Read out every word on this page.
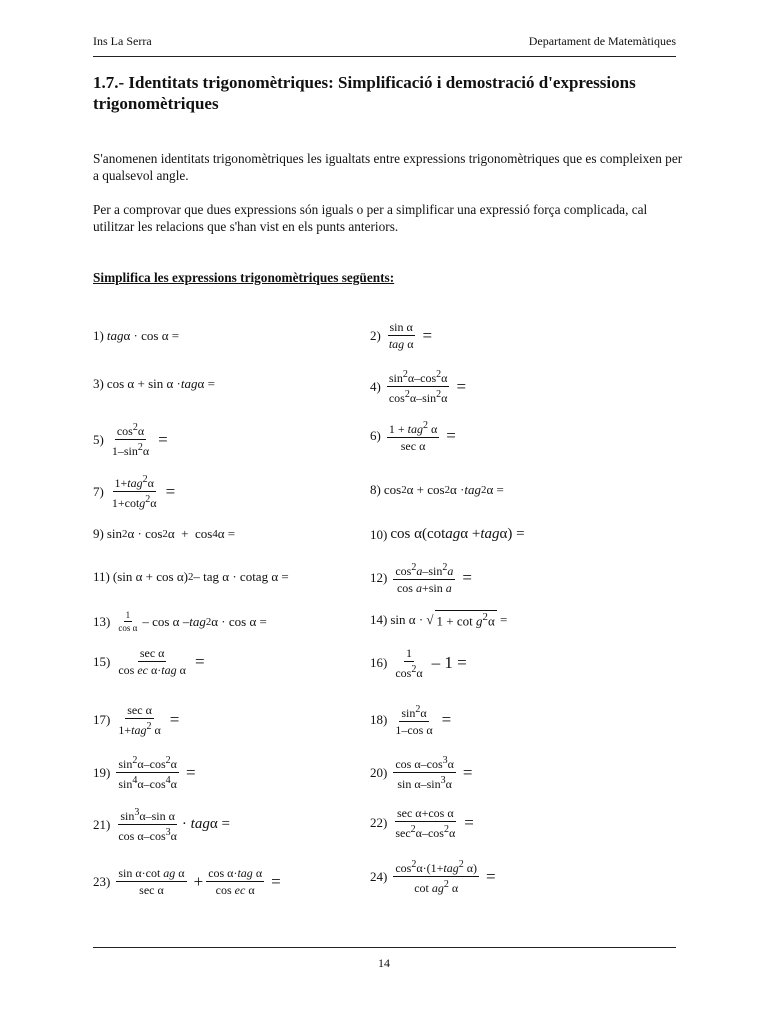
Ins La Serra	Departament de Matemàtiques
1.7.- Identitats trigonomètriques: Simplificació i demostració d'expressions trigonomètriques

S'anomenen identitats trigonomètriques les igualtats entre expressions trigonomètriques que es compleixen per a qualsevol angle.

Per a comprovar que dues expressions són iguals o per a simplificar una expressió força complicada, cal utilitzar les relacions que s'han vist en els punts anteriors.

Simplifica les expressions trigonomètriques següents:

1) tag α · cos α =	$2) \frac{\text{sin α}}{\text{tag α}}$ =
3) cos α + sin α · tag α =	$4) \frac{\sin^2\alpha-\cos^2\alpha}{\cos^2\alpha-\sin^2\alpha}$ =
$5) \frac{\cos^2\alpha}{1-\sin^2\alpha}$ =	$6) \frac{1 + tag^2 \alpha}{\text{sec α}}$ =
$7) \frac{1+tag^2\alpha}{1+\cot g^2\alpha}$ =	8) cos 2 α + cos 2 α · tag 2 α =
9) sin 2 α · cos 2 α  +  cos 4 α =	10) cos α(cot ag α + tag α) =
11) (sin α + cos α) 2 – tag α · cotag α =	$12) \frac{\cos^2a-\sin^2a}{\text{cos a+sin a}}$ =
$13) \frac{1}{\text{cos α}}$ – cos α – tag 2 α · cos α =	14) sin α · √ $1 + \cot g^2\alpha$ =
$15) \frac{\text{sec α}}{\text{cos ec α·tag α}}$ =	$16) \frac{1}{\cos^2\alpha} - 1$ =
$17) \frac{\text{sec α}}{1+tag^2 \alpha}$ =	$18) \frac{\sin^2\alpha}{\text{1–cos α}}$ =
$19) \frac{\sin^2\alpha-\cos^2\alpha}{\sin^4\alpha-\cos^4\alpha}$ =	$20) \frac{\cos \alpha-\cos^3\alpha}{\sin \alpha-\sin^3\alpha}$ =
$21) \frac{\sin^3\alpha-\sin \alpha}{\cos \alpha-\cos^3\alpha} \cdot tag\alpha$ =	$22) \frac{\text{sec α+cos α}}{\sec^2\alpha-\cos^2\alpha}$ =
$23) \frac{\text{sin α·cot ag α}}{\text{sec α}} + \frac{\text{cos α·tag α}}{\text{cos ec α}}$ =	$24) \frac{\cos^2\alpha\cdot(1+tag^2 \alpha)}{\cot ag^2 \alpha}$ =
14
